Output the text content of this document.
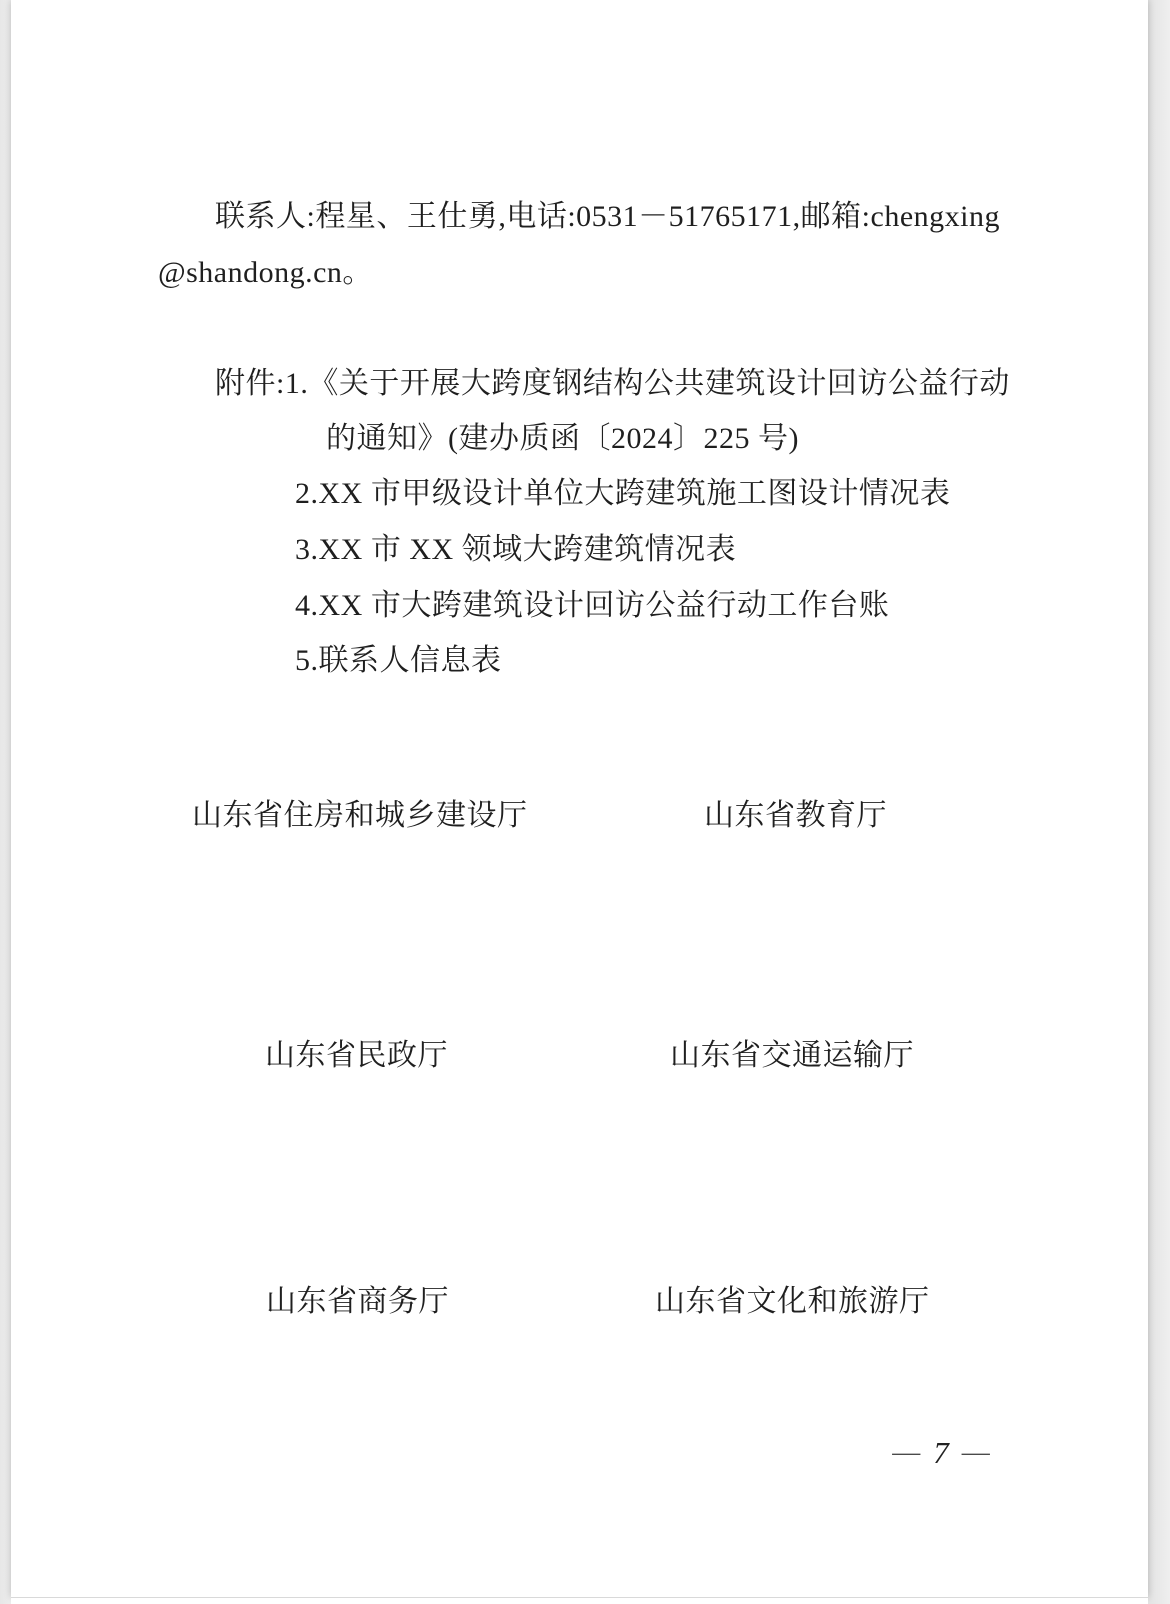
联系人:程星、王仕勇,电话:0531－51765171,邮箱:chengxing
@shandong.cn。
附件:1.《关于开展大跨度钢结构公共建筑设计回访公益行动
的通知》(建办质函〔2024〕225 号)
2.XX 市甲级设计单位大跨建筑施工图设计情况表
3.XX 市 XX 领域大跨建筑情况表
4.XX 市大跨建筑设计回访公益行动工作台账
5.联系人信息表
山东省住房和城乡建设厅	山东省教育厅
山东省民政厅	山东省交通运输厅
山东省商务厅	山东省文化和旅游厅
— 7 —
